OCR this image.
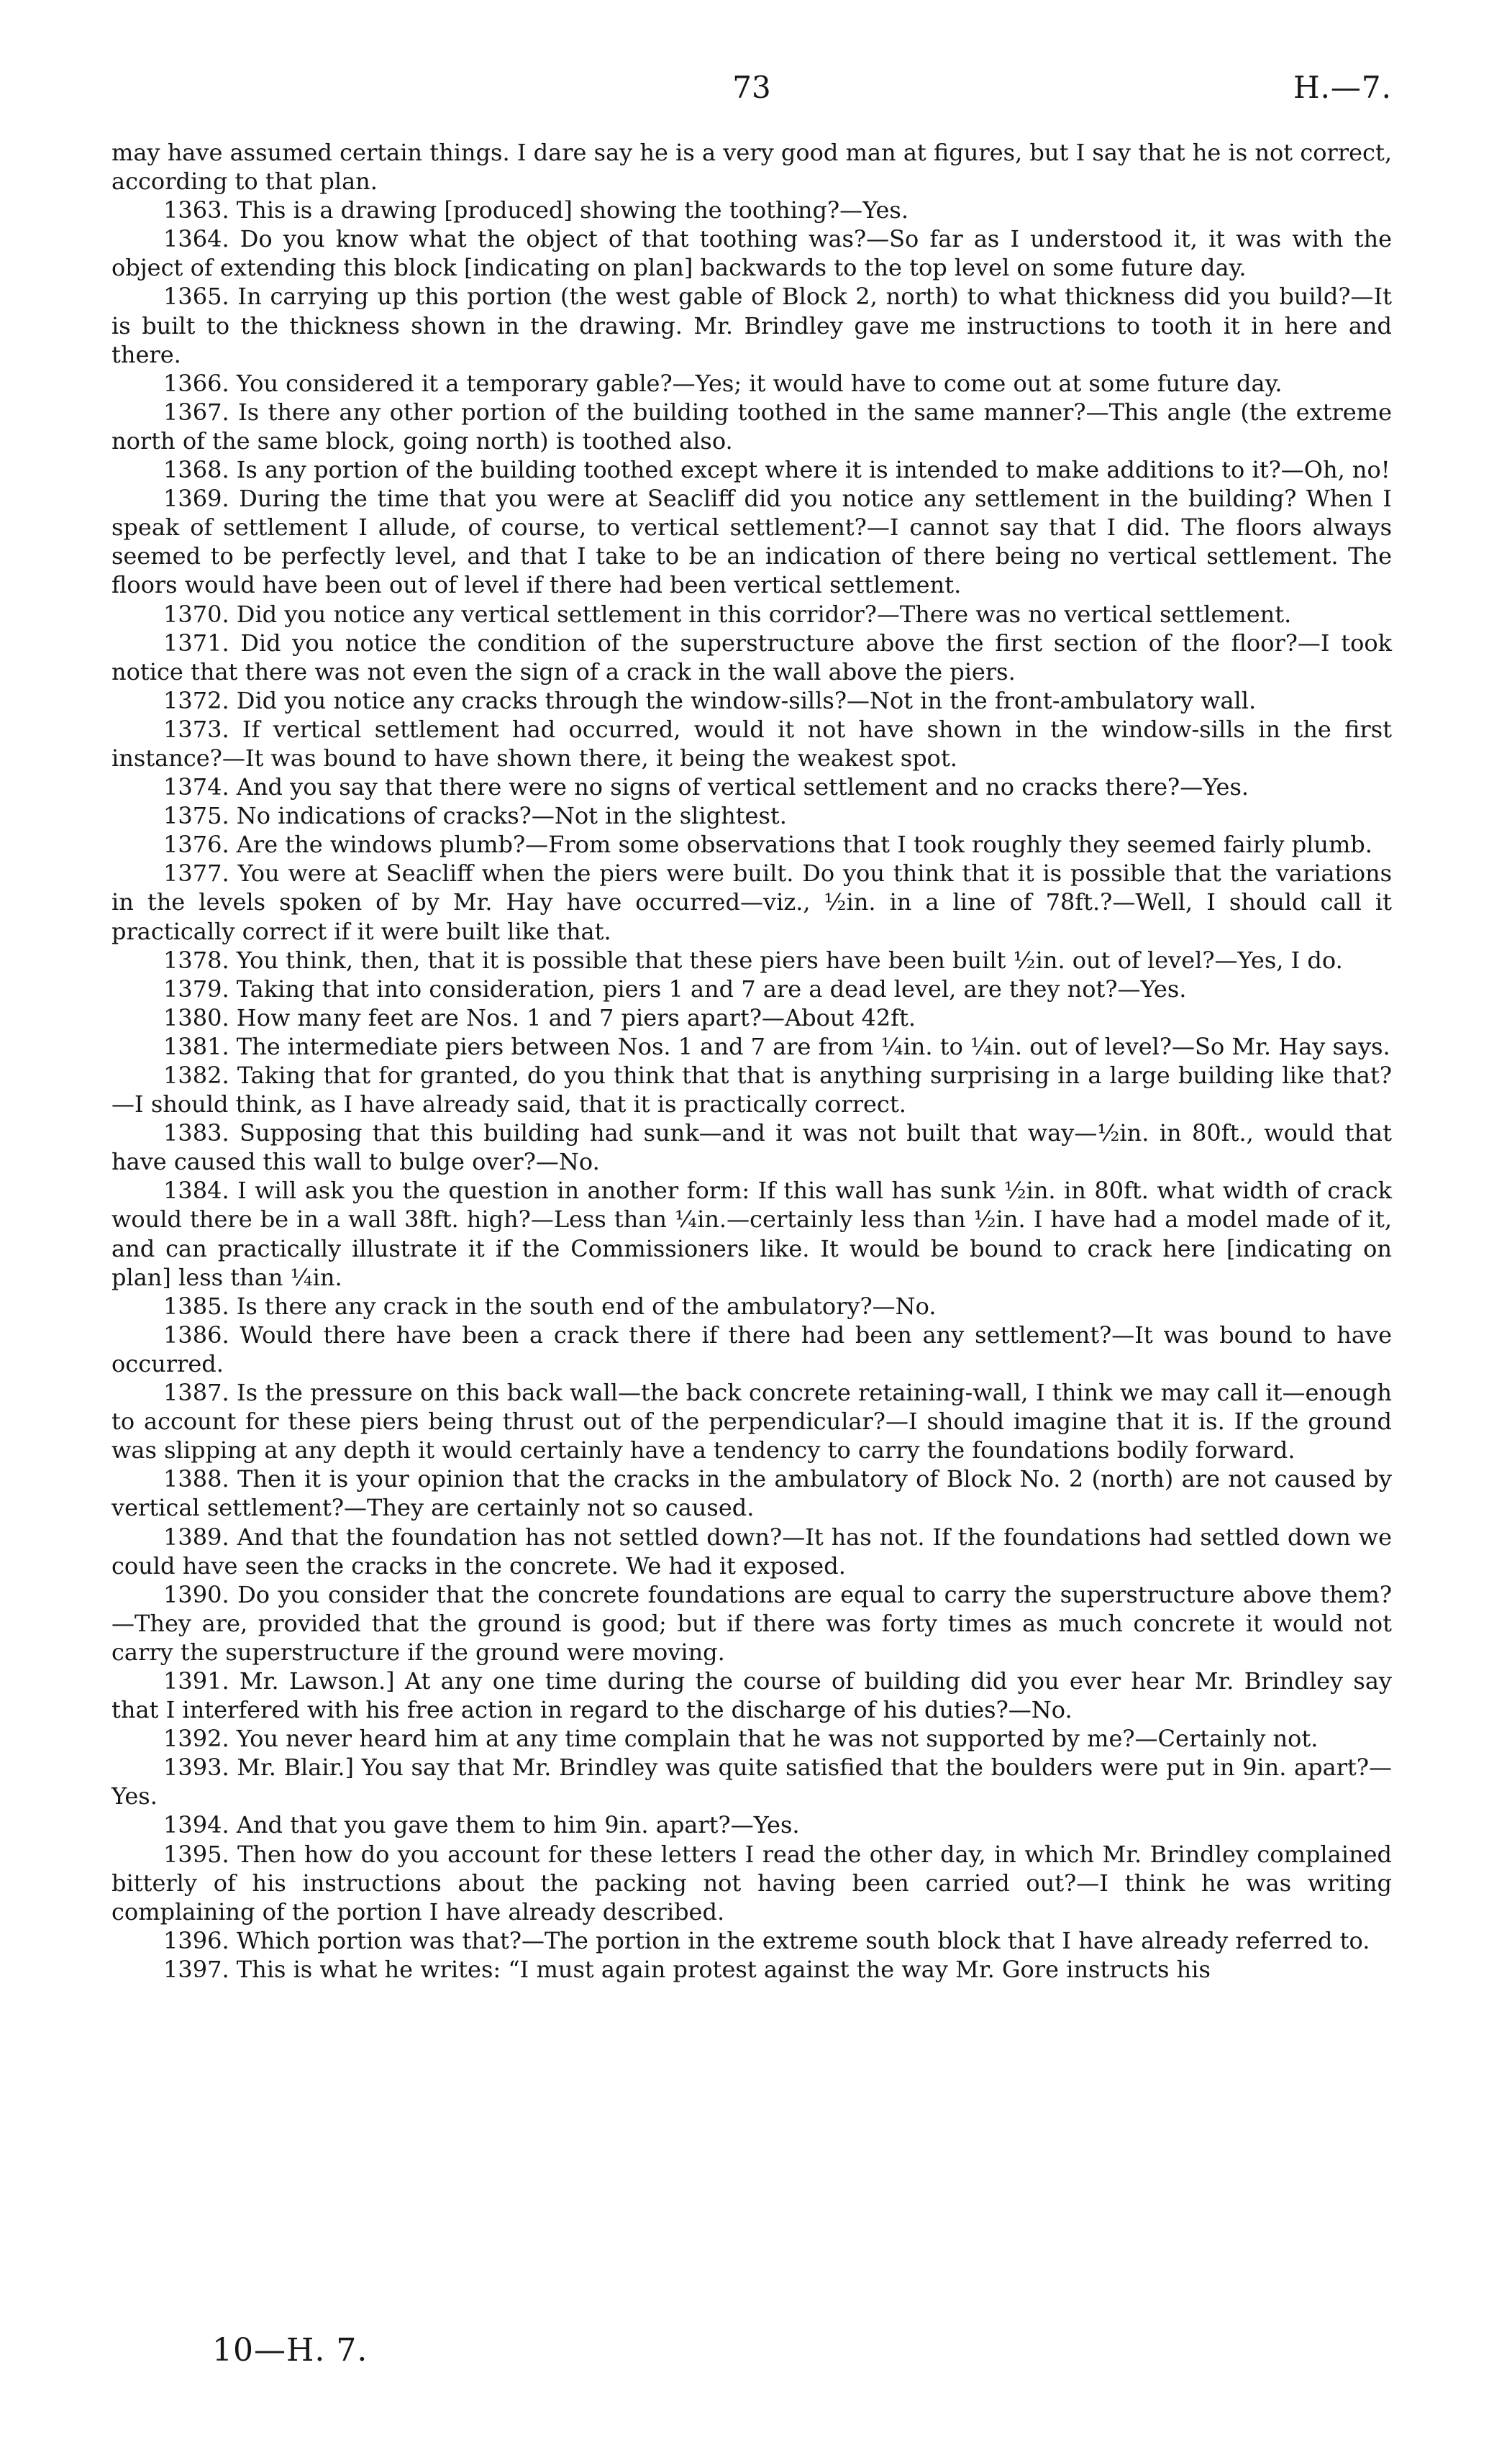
73	H.—7.

may have assumed certain things. I dare say he is a very good man at figures, but I say that he is not correct, according to that plan.

1363. This is a drawing [produced] showing the toothing?—Yes.

1364. Do you know what the object of that toothing was?—So far as I understood it, it was with the object of extending this block [indicating on plan] backwards to the top level on some future day.

1365. In carrying up this portion (the west gable of Block 2, north) to what thickness did you build?—It is built to the thickness shown in the drawing. Mr. Brindley gave me instructions to tooth it in here and there.

1366. You considered it a temporary gable?—Yes; it would have to come out at some future day.

1367. Is there any other portion of the building toothed in the same manner?—This angle (the extreme north of the same block, going north) is toothed also.

1368. Is any portion of the building toothed except where it is intended to make additions to it?—Oh, no!

1369. During the time that you were at Seacliff did you notice any settlement in the building? When I speak of settlement I allude, of course, to vertical settlement?—I cannot say that I did. The floors always seemed to be perfectly level, and that I take to be an indication of there being no vertical settlement. The floors would have been out of level if there had been vertical settlement.

1370. Did you notice any vertical settlement in this corridor?—There was no vertical settlement.

1371. Did you notice the condition of the superstructure above the first section of the floor?—I took notice that there was not even the sign of a crack in the wall above the piers.

1372. Did you notice any cracks through the window-sills?—Not in the front-ambulatory wall.

1373. If vertical settlement had occurred, would it not have shown in the window-sills in the first instance?—It was bound to have shown there, it being the weakest spot.

1374. And you say that there were no signs of vertical settlement and no cracks there?—Yes.

1375. No indications of cracks?—Not in the slightest.

1376. Are the windows plumb?—From some observations that I took roughly they seemed fairly plumb.

1377. You were at Seacliff when the piers were built. Do you think that it is possible that the variations in the levels spoken of by Mr. Hay have occurred—viz., ½in. in a line of 78ft.?—Well, I should call it practically correct if it were built like that.

1378. You think, then, that it is possible that these piers have been built ½in. out of level?—Yes, I do.

1379. Taking that into consideration, piers 1 and 7 are a dead level, are they not?—Yes.

1380. How many feet are Nos. 1 and 7 piers apart?—About 42ft.

1381. The intermediate piers between Nos. 1 and 7 are from ¼in. to ¼in. out of level?—So Mr. Hay says.

1382. Taking that for granted, do you think that that is anything surprising in a large building like that?—I should think, as I have already said, that it is practically correct.

1383. Supposing that this building had sunk—and it was not built that way—½in. in 80ft., would that have caused this wall to bulge over?—No.

1384. I will ask you the question in another form: If this wall has sunk ½in. in 80ft. what width of crack would there be in a wall 38ft. high?—Less than ¼in.—certainly less than ½in. I have had a model made of it, and can practically illustrate it if the Commissioners like. It would be bound to crack here [indicating on plan] less than ¼in.

1385. Is there any crack in the south end of the ambulatory?—No.

1386. Would there have been a crack there if there had been any settlement?—It was bound to have occurred.

1387. Is the pressure on this back wall—the back concrete retaining-wall, I think we may call it—enough to account for these piers being thrust out of the perpendicular?—I should imagine that it is. If the ground was slipping at any depth it would certainly have a tendency to carry the foundations bodily forward.

1388. Then it is your opinion that the cracks in the ambulatory of Block No. 2 (north) are not caused by vertical settlement?—They are certainly not so caused.

1389. And that the foundation has not settled down?—It has not. If the foundations had settled down we could have seen the cracks in the concrete. We had it exposed.

1390. Do you consider that the concrete foundations are equal to carry the superstructure above them?—They are, provided that the ground is good; but if there was forty times as much concrete it would not carry the superstructure if the ground were moving.

1391. Mr. Lawson.] At any one time during the course of building did you ever hear Mr. Brindley say that I interfered with his free action in regard to the discharge of his duties?—No.

1392. You never heard him at any time complain that he was not supported by me?—Certainly not.

1393. Mr. Blair.] You say that Mr. Brindley was quite satisfied that the boulders were put in 9in. apart?—Yes.

1394. And that you gave them to him 9in. apart?—Yes.

1395. Then how do you account for these letters I read the other day, in which Mr. Brindley complained bitterly of his instructions about the packing not having been carried out?—I think he was writing complaining of the portion I have already described.

1396. Which portion was that?—The portion in the extreme south block that I have already referred to.

1397. This is what he writes: “I must again protest against the way Mr. Gore instructs his

10—H. 7.
